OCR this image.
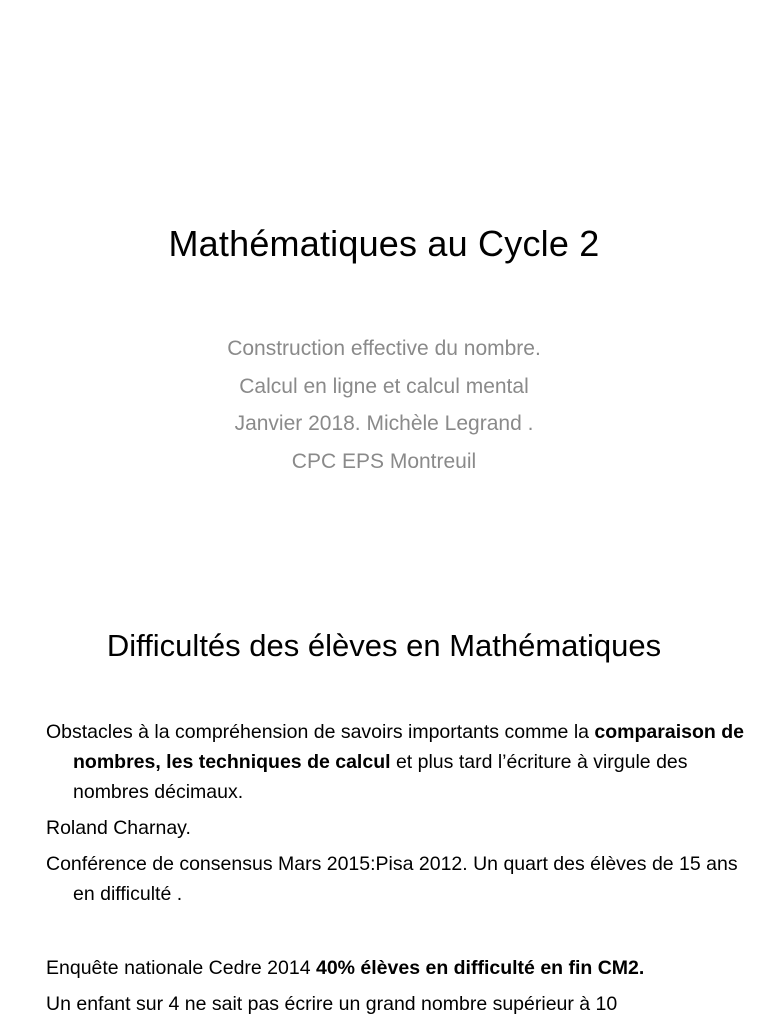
Mathématiques au Cycle 2
Construction effective du nombre.
Calcul en ligne et calcul mental
Janvier 2018. Michèle Legrand .
CPC EPS Montreuil
Difficultés des élèves en Mathématiques
Obstacles à la compréhension de savoirs importants comme la comparaison de nombres, les techniques de calcul et plus tard l’écriture à virgule des nombres décimaux.
Roland Charnay.
Conférence de consensus Mars 2015:Pisa 2012. Un quart des élèves de 15 ans en difficulté .
Enquête nationale Cedre 2014 40% élèves en difficulté en fin CM2.
Un enfant sur 4 ne sait pas écrire un grand nombre supérieur à 10
